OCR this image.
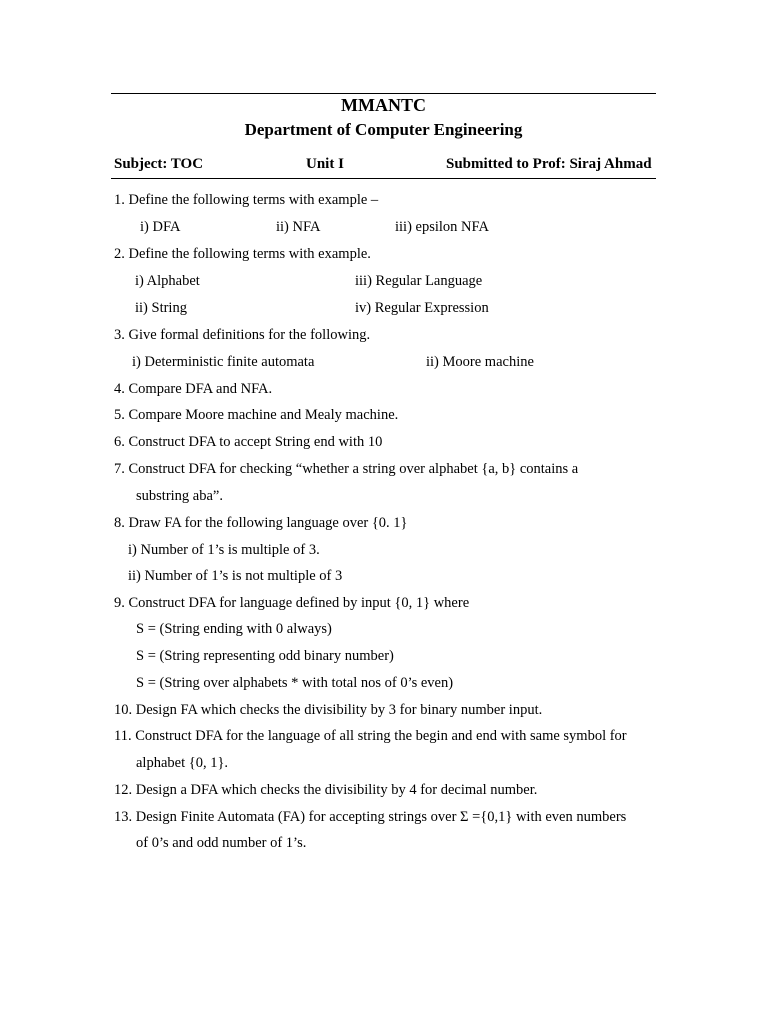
MMANTC
Department of Computer Engineering
Subject: TOC	Unit I	Submitted to Prof: Siraj Ahmad
1. Define the following terms with example –
i) DFA	ii) NFA	iii) epsilon NFA
2. Define the following terms with example.
i) Alphabet	iii) Regular Language
ii) String	iv) Regular Expression
3. Give formal definitions for the following.
i) Deterministic finite automata	ii) Moore machine
4. Compare DFA and NFA.
5. Compare Moore machine and Mealy machine.
6. Construct DFA to accept String end with 10
7. Construct DFA for checking “whether a string over alphabet {a, b} contains a
substring aba”.
8. Draw FA for the following language over {0. 1}
i) Number of 1’s is multiple of 3.
ii) Number of 1’s is not multiple of 3
9. Construct DFA for language defined by input {0, 1} where
S = (String ending with 0 always)
S = (String representing odd binary number)
S = (String over alphabets * with total nos of 0’s even)
10. Design FA which checks the divisibility by 3 for binary number input.
11. Construct DFA for the language of all string the begin and end with same symbol for
alphabet {0, 1}.
12. Design a DFA which checks the divisibility by 4 for decimal number.
13. Design Finite Automata (FA) for accepting strings over Σ ={0,1} with even numbers
of 0’s and odd number of 1’s.
